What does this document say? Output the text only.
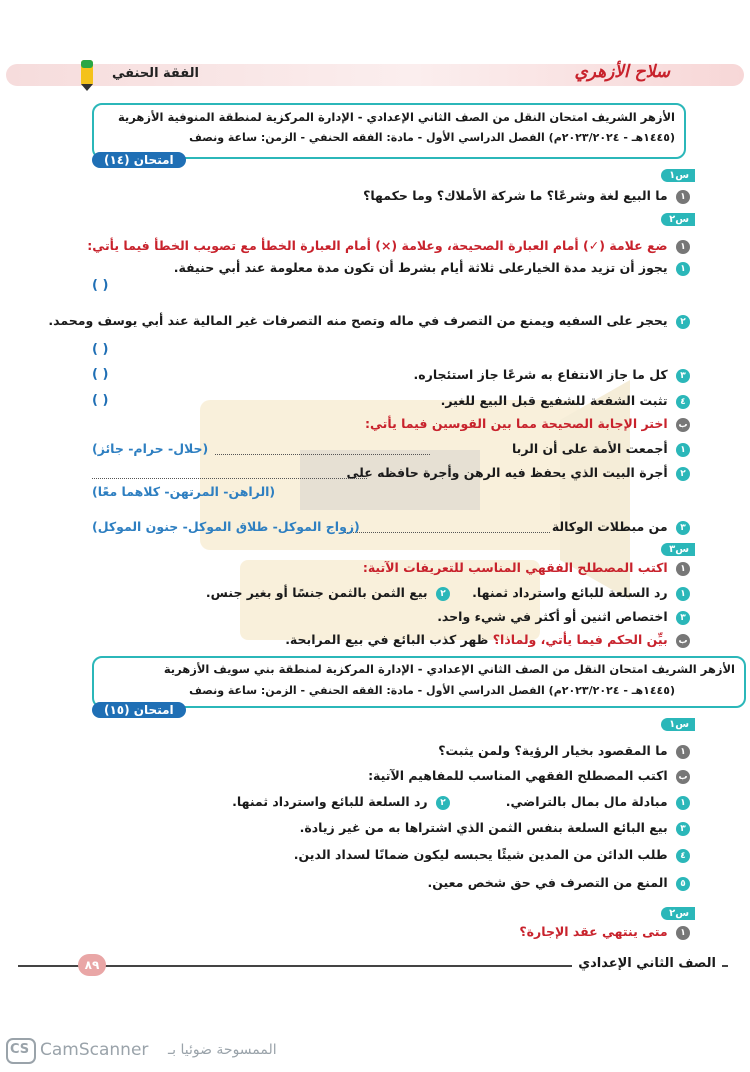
سلاح الأزهري
الفقة الحنفي
الأزهر الشريف امتحان النقل من الصف الثاني الإعدادي - الإدارة المركزية لمنطقة المنوفية الأزهرية
(١٤٤٥هـ - ٢٠٢٣/٢٠٢٤م) الفصل الدراسي الأول - مادة: الفقه الحنفي - الزمن: ساعة ونصف
امتحان (١٤)
س١
١ ما البيع لغة وشرعًا؟ ما شركة الأملاك؟ وما حكمها؟
س٢
١ ضع علامة (✓) أمام العبارة الصحيحة، وعلامة (×) أمام العبارة الخطأ مع تصويب الخطأ فيما يأتي:
١ يجوز أن تزيد مدة الخيارعلى ثلاثة أيام بشرط أن تكون مدة معلومة عند أبي حنيفة.
( )
٢ يحجر على السفيه ويمنع من التصرف في ماله وتصح منه التصرفات غير المالية عند أبي يوسف ومحمد.
( )
٣ كل ما جاز الانتفاع به شرعًا جاز استئجاره.
( )
٤ تثبت الشفعة للشفيع قبل البيع للغير.
( )
ب اختر الإجابة الصحيحة مما بين القوسين فيما يأتي:
١ أجمعت الأمة على أن الربا
(حلال- حرام- جائز)
٢ أجرة البيت الذي يحفظ فيه الرهن وأجرة حافظه على
(الراهن- المرتهن- كلاهما معًا)
٣ من مبطلات الوكالة
(زواج الموكل- طلاق الموكل- جنون الموكل)
س٣
١ اكتب المصطلح الفقهي المناسب للتعريفات الآتية:
١ رد السلعة للبائع واسترداد ثمنها.
٢ بيع الثمن بالثمن جنسًا أو بغير جنس.
٣ اختصاص اثنين أو أكثر في شيء واحد.
ب بيِّن الحكم فيما يأتي، ولماذا؟ ظهر كذب البائع في بيع المرابحة.
الأزهر الشريف امتحان النقل من الصف الثاني الإعدادي - الإدارة المركزية لمنطقة بني سويف الأزهرية
(١٤٤٥هـ - ٢٠٢٣/٢٠٢٤م) الفصل الدراسي الأول - مادة: الفقه الحنفي - الزمن: ساعة ونصف
امتحان (١٥)
س١
١ ما المقصود بخيار الرؤية؟ ولمن يثبت؟
ب اكتب المصطلح الفقهي المناسب للمفاهيم الآتية:
١ مبادلة مال بمال بالتراضي.
٢ رد السلعة للبائع واسترداد ثمنها.
٣ بيع البائع السلعة بنفس الثمن الذي اشتراها به من غير زيادة.
٤ طلب الدائن من المدين شيئًا يحبسه ليكون ضمانًا لسداد الدين.
٥ المنع من التصرف في حق شخص معين.
س٢
١ متى ينتهي عقد الإجارة؟
٨٩	الصف الثاني الإعدادي
CS CamScanner الممسوحة ضوئيا بـ
